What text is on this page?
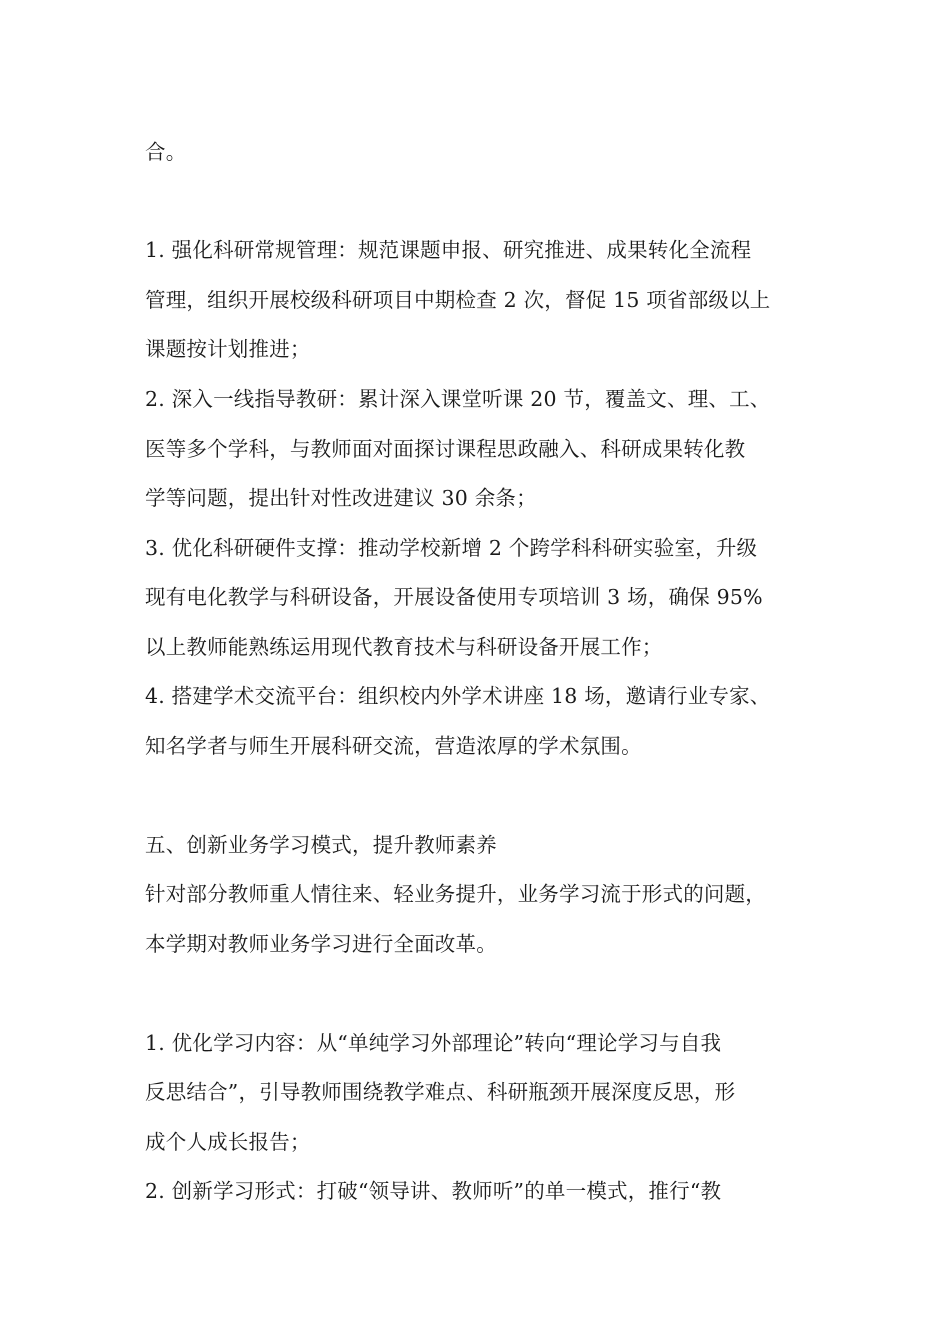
合。
1. 强化科研常规管理：规范课题申报、研究推进、成果转化全流程
管理，组织开展校级科研项目中期检查 2 次，督促 15 项省部级以上
课题按计划推进；
2. 深入一线指导教研：累计深入课堂听课 20 节，覆盖文、理、工、
医等多个学科，与教师面对面探讨课程思政融入、科研成果转化教
学等问题，提出针对性改进建议 30 余条；
3. 优化科研硬件支撑：推动学校新增 2 个跨学科科研实验室，升级
现有电化教学与科研设备，开展设备使用专项培训 3 场，确保 95%
以上教师能熟练运用现代教育技术与科研设备开展工作；
4. 搭建学术交流平台：组织校内外学术讲座 18 场，邀请行业专家、
知名学者与师生开展科研交流，营造浓厚的学术氛围。
五、创新业务学习模式，提升教师素养
针对部分教师重人情往来、轻业务提升，业务学习流于形式的问题，
本学期对教师业务学习进行全面改革。
1. 优化学习内容：从“单纯学习外部理论”转向“理论学习与自我
反思结合”，引导教师围绕教学难点、科研瓶颈开展深度反思，形
成个人成长报告；
2. 创新学习形式：打破“领导讲、教师听”的单一模式，推行“教
